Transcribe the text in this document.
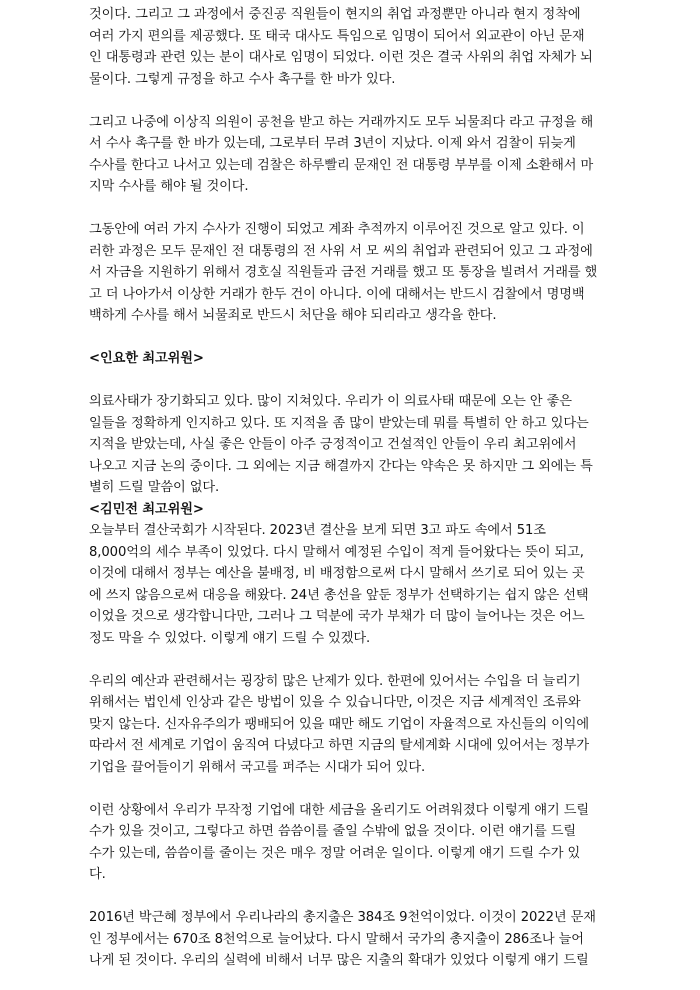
것이다. 그리고 그 과정에서 중진공 직원들이 현지의 취업 과정뿐만 아니라 현지 정착에
여러 가지 편의를 제공했다. 또 태국 대사도 특임으로 임명이 되어서 외교관이 아닌 문재
인 대통령과 관련 있는 분이 대사로 임명이 되었다. 이런 것은 결국 사위의 취업 자체가 뇌
물이다. 그렇게 규정을 하고 수사 촉구를 한 바가 있다.

그리고 나중에 이상직 의원이 공천을 받고 하는 거래까지도 모두 뇌물죄다 라고 규정을 해
서 수사 촉구를 한 바가 있는데, 그로부터 무려 3년이 지났다. 이제 와서 검찰이 뒤늦게
수사를 한다고 나서고 있는데 검찰은 하루빨리 문재인 전 대통령 부부를 이제 소환해서 마
지막 수사를 해야 될 것이다.

그동안에 여러 가지 수사가 진행이 되었고 계좌 추적까지 이루어진 것으로 알고 있다. 이
러한 과정은 모두 문재인 전 대통령의 전 사위 서 모 씨의 취업과 관련되어 있고 그 과정에
서 자금을 지원하기 위해서 경호실 직원들과 금전 거래를 했고 또 통장을 빌려서 거래를 했
고 더 나아가서 이상한 거래가 한두 건이 아니다. 이에 대해서는 반드시 검찰에서 명명백
백하게 수사를 해서 뇌물죄로 반드시 처단을 해야 되리라고 생각을 한다.

<인요한 최고위원>

의료사태가 장기화되고 있다. 많이 지쳐있다. 우리가 이 의료사태 때문에 오는 안 좋은
일들을 정확하게 인지하고 있다. 또 지적을 좀 많이 받았는데 뭐를 특별히 안 하고 있다는
지적을 받았는데, 사실 좋은 안들이 아주 긍정적이고 건설적인 안들이 우리 최고위에서
나오고 지금 논의 중이다. 그 외에는 지금 해결까지 간다는 약속은 못 하지만 그 외에는 특
별히 드릴 말씀이 없다.

<김민전 최고위원>

오늘부터 결산국회가 시작된다. 2023년 결산을 보게 되면 3고 파도 속에서 51조
8,000억의 세수 부족이 있었다. 다시 말해서 예정된 수입이 적게 들어왔다는 뜻이 되고,
이것에 대해서 정부는 예산을 불배정, 비 배정함으로써 다시 말해서 쓰기로 되어 있는 곳
에 쓰지 않음으로써 대응을 해왔다. 24년 총선을 앞둔 정부가 선택하기는 쉽지 않은 선택
이었을 것으로 생각합니다만, 그러나 그 덕분에 국가 부채가 더 많이 늘어나는 것은 어느
정도 막을 수 있었다. 이렇게 얘기 드릴 수 있겠다.

우리의 예산과 관련해서는 굉장히 많은 난제가 있다. 한편에 있어서는 수입을 더 늘리기
위해서는 법인세 인상과 같은 방법이 있을 수 있습니다만, 이것은 지금 세계적인 조류와
맞지 않는다. 신자유주의가 팽배되어 있을 때만 해도 기업이 자율적으로 자신들의 이익에
따라서 전 세계로 기업이 움직여 다녔다고 하면 지금의 탈세계화 시대에 있어서는 정부가
기업을 끌어들이기 위해서 국고를 퍼주는 시대가 되어 있다.

이런 상황에서 우리가 무작정 기업에 대한 세금을 올리기도 어려워졌다 이렇게 얘기 드릴
수가 있을 것이고, 그렇다고 하면 씀씀이를 줄일 수밖에 없을 것이다. 이런 얘기를 드릴
수가 있는데, 씀씀이를 줄이는 것은 매우 정말 어려운 일이다. 이렇게 얘기 드릴 수가 있
다.

2016년 박근혜 정부에서 우리나라의 총지출은 384조 9천억이었다. 이것이 2022년 문재
인 정부에서는 670조 8천억으로 늘어났다. 다시 말해서 국가의 총지출이 286조나 늘어
나게 된 것이다. 우리의 실력에 비해서 너무 많은 지출의 확대가 있었다 이렇게 얘기 드릴
